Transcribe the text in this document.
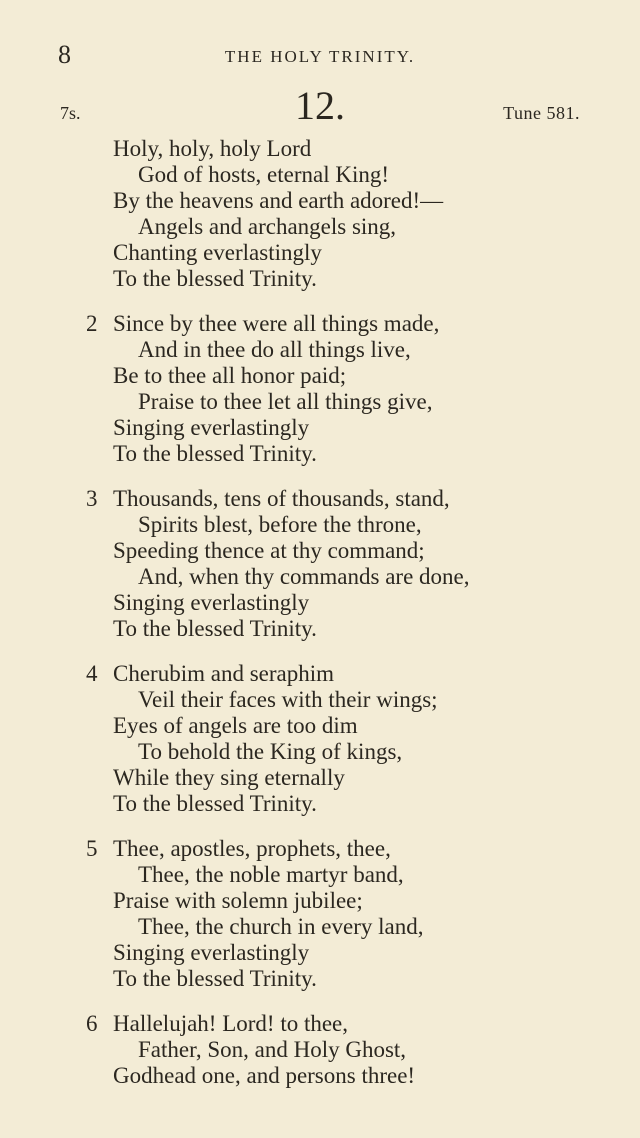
8	THE HOLY TRINITY.
7s.	12.	Tune 581.
Holy, holy, holy Lord
God of hosts, eternal King!
By the heavens and earth adored!—
Angels and archangels sing,
Chanting everlastingly
To the blessed Trinity.
2 Since by thee were all things made,
And in thee do all things live,
Be to thee all honor paid;
Praise to thee let all things give,
Singing everlastingly
To the blessed Trinity.
3 Thousands, tens of thousands, stand,
Spirits blest, before the throne,
Speeding thence at thy command;
And, when thy commands are done,
Singing everlastingly
To the blessed Trinity.
4 Cherubim and seraphim
Veil their faces with their wings;
Eyes of angels are too dim
To behold the King of kings,
While they sing eternally
To the blessed Trinity.
5 Thee, apostles, prophets, thee,
Thee, the noble martyr band,
Praise with solemn jubilee;
Thee, the church in every land,
Singing everlastingly
To the blessed Trinity.
6 Hallelujah! Lord! to thee,
Father, Son, and Holy Ghost,
Godhead one, and persons three!
